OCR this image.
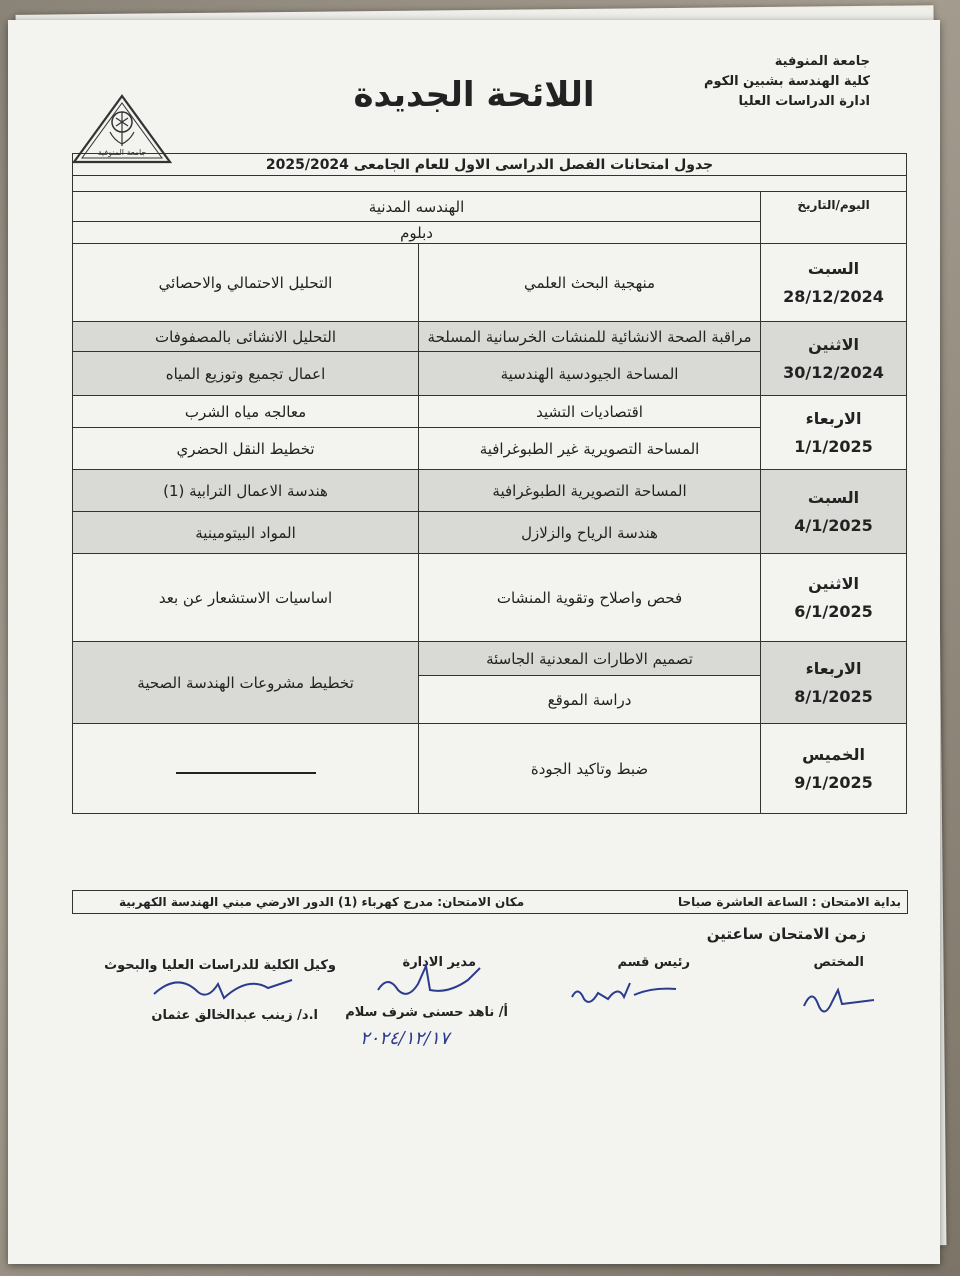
جامعة المنوفية
كلية الهندسة بشبين الكوم
ادارة الدراسات العليا
اللائحة الجديدة
جامعة المنوفية
جدول امتحانات الفصل الدراسى الاول للعام الجامعى 2025/2024		

اليوم/التاريخ	الهندسه المدنية	
	دبلوم	

السبت
28/12/2024	منهجية البحث العلمي	التحليل الاحتمالي والاحصائي

الاثنين
30/12/2024	مراقبة الصحة الانشائية للمنشات الخرسانية المسلحة	التحليل الانشائى بالمصفوفات
	المساحة الجيودسية الهندسية	اعمال تجميع وتوزيع المياه

الاربعاء
1/1/2025	اقتصاديات التشيد	معالجه مياه الشرب
	المساحة التصويرية غير الطبوغرافية	تخطيط النقل الحضري

السبت
4/1/2025	المساحة التصويرية الطبوغرافية	هندسة الاعمال الترابية (1)
	هندسة الرياح والزلازل	المواد البيتومينية

الاثنين
6/1/2025	فحص واصلاح وتقوية المنشات	اساسيات الاستشعار عن بعد

الاربعاء
8/1/2025	تصميم الاطارات المعدنية الجاسئة	تخطيط مشروعات الهندسة الصحية
	دراسة الموقع	

الخميس
9/1/2025	ضبط وتاكيد الجودة	
بداية الامتحان : الساعة العاشرة صباحا
مكان الامتحان: مدرج كهرباء (1) الدور الارضي مبني الهندسة الكهربية
زمن الامتحان ساعتين
المختص
رئيس قسم
مدير الادارة
وكيل الكلية للدراسات العليا والبحوث
أ/ ناهد حسنى شرف سلام
ا.د/ زينب عبدالخالق عثمان
٢٠٢٤/١٢/١٧
